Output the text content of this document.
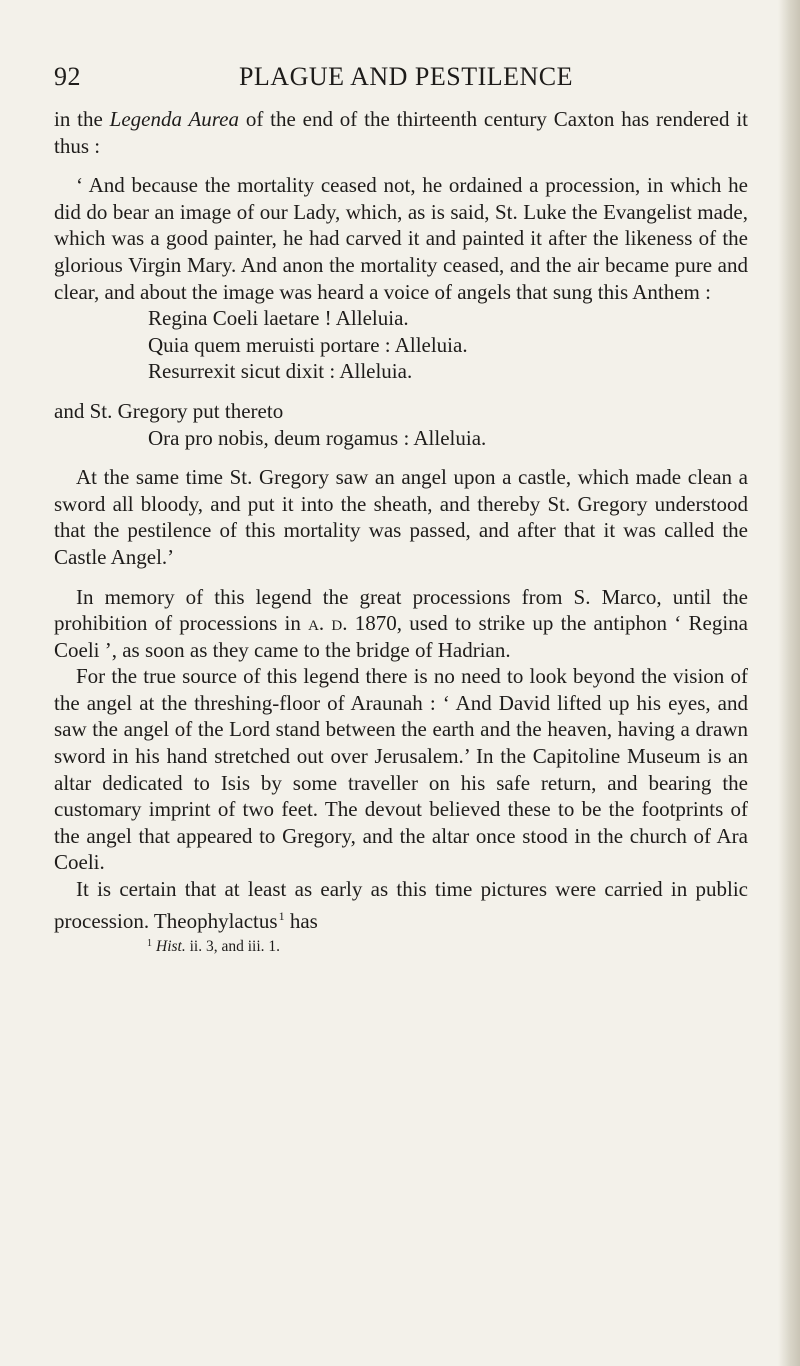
92	PLAGUE AND PESTILENCE

in the Legenda Aurea of the end of the thirteenth century Caxton has rendered it thus :

‘ And because the mortality ceased not, he ordained a procession, in which he did do bear an image of our Lady, which, as is said, St. Luke the Evangelist made, which was a good painter, he had carved it and painted it after the likeness of the glorious Virgin Mary. And anon the mortality ceased, and the air became pure and clear, and about the image was heard a voice of angels that sung this Anthem :

Regina Coeli laetare ! Alleluia.
Quia quem meruisti portare : Alleluia.
Resurrexit sicut dixit : Alleluia.

and St. Gregory put thereto

Ora pro nobis, deum rogamus : Alleluia.

At the same time St. Gregory saw an angel upon a castle, which made clean a sword all bloody, and put it into the sheath, and thereby St. Gregory understood that the pestilence of this mortality was passed, and after that it was called the Castle Angel.’

In memory of this legend the great processions from S. Marco, until the prohibition of processions in a. d. 1870, used to strike up the antiphon ‘ Regina Coeli ’, as soon as they came to the bridge of Hadrian.

For the true source of this legend there is no need to look beyond the vision of the angel at the threshing-floor of Araunah : ‘ And David lifted up his eyes, and saw the angel of the Lord stand between the earth and the heaven, having a drawn sword in his hand stretched out over Jerusalem.’ In the Capitoline Museum is an altar dedicated to Isis by some traveller on his safe return, and bearing the customary imprint of two feet. The devout believed these to be the footprints of the angel that appeared to Gregory, and the altar once stood in the church of Ara Coeli.

It is certain that at least as early as this time pictures were carried in public procession. Theophylactus$^1$ has

$^1$ Hist. ii. 3, and iii. 1.
